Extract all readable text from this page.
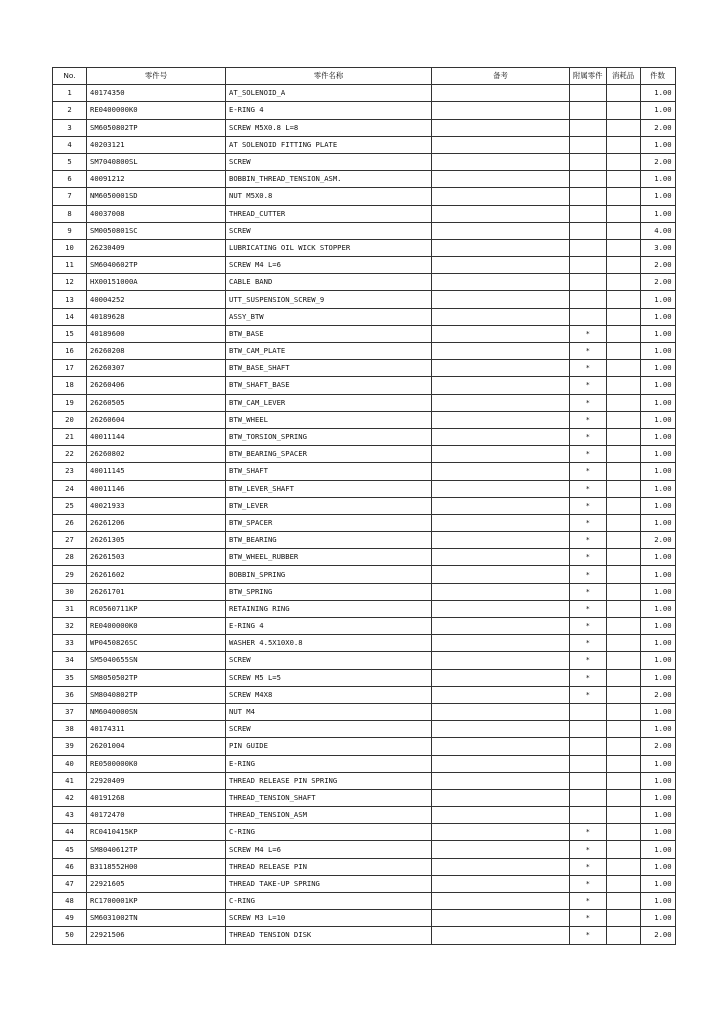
No.	零件号	零件名称	备考	附属零件	消耗品	件数
1	40174350	AT_SOLENOID_A				1.00
2	RE0400000K0	E-RING 4				1.00
3	SM6050802TP	SCREW M5X0.8 L=8				2.00
4	40203121	AT SOLENOID FITTING PLATE				1.00
5	SM7040800SL	SCREW				2.00
6	40091212	BOBBIN_THREAD_TENSION_ASM.				1.00
7	NM6050001SD	NUT M5X0.8				1.00
8	40037008	THREAD_CUTTER				1.00
9	SM0050801SC	SCREW				4.00
10	26230409	LUBRICATING OIL WICK STOPPER				3.00
11	SM6040602TP	SCREW M4 L=6				2.00
12	HX00151000A	CABLE BAND				2.00
13	40004252	UTT_SUSPENSION_SCREW_9				1.00
14	40189628	ASSY_BTW				1.00
15	40189600	BTW_BASE		*		1.00
16	26260208	BTW_CAM_PLATE		*		1.00
17	26260307	BTW_BASE_SHAFT		*		1.00
18	26260406	BTW_SHAFT_BASE		*		1.00
19	26260505	BTW_CAM_LEVER		*		1.00
20	26260604	BTW_WHEEL		*		1.00
21	40011144	BTW_TORSION_SPRING		*		1.00
22	26260802	BTW_BEARING_SPACER		*		1.00
23	40011145	BTW_SHAFT		*		1.00
24	40011146	BTW_LEVER_SHAFT		*		1.00
25	40021933	BTW_LEVER		*		1.00
26	26261206	BTW_SPACER		*		1.00
27	26261305	BTW_BEARING		*		2.00
28	26261503	BTW_WHEEL_RUBBER		*		1.00
29	26261602	BOBBIN_SPRING		*		1.00
30	26261701	BTW_SPRING		*		1.00
31	RC0560711KP	RETAINING RING		*		1.00
32	RE0400000K0	E-RING 4		*		1.00
33	WP0450826SC	WASHER 4.5X10X0.8		*		1.00
34	SM5040655SN	SCREW		*		1.00
35	SM8050502TP	SCREW M5 L=5		*		1.00
36	SM8040802TP	SCREW M4X8		*		2.00
37	NM6040000SN	NUT M4				1.00
38	40174311	SCREW				1.00
39	26201004	PIN GUIDE				2.00
40	RE0500000K0	E-RING				1.00
41	22920409	THREAD RELEASE PIN SPRING				1.00
42	40191268	THREAD_TENSION_SHAFT				1.00
43	40172470	THREAD_TENSION_ASM				1.00
44	RC0410415KP	C-RING		*		1.00
45	SM8040612TP	SCREW M4 L=6		*		1.00
46	B3118552H00	THREAD RELEASE PIN		*		1.00
47	22921605	THREAD TAKE-UP SPRING		*		1.00
48	RC1700001KP	C-RING		*		1.00
49	SM6031002TN	SCREW M3 L=10		*		1.00
50	22921506	THREAD TENSION DISK		*		2.00
